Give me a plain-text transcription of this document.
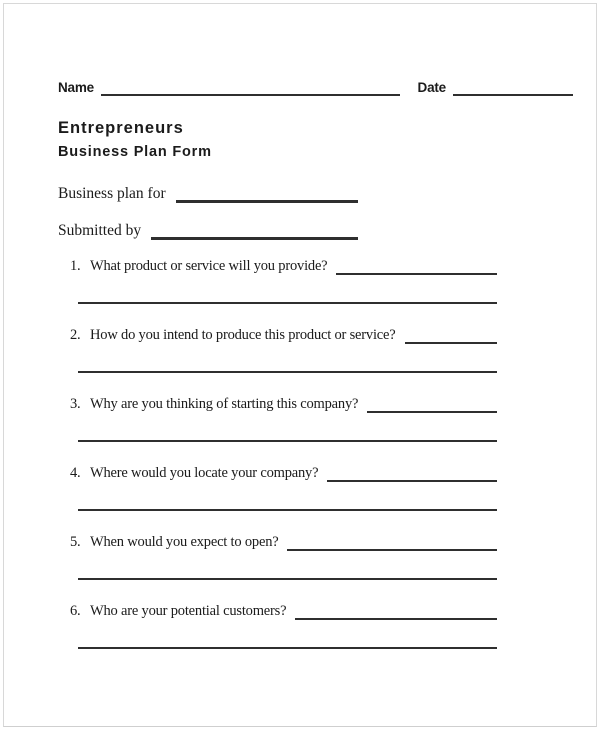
Name	Date
Entrepreneurs
Business Plan Form
Business plan for
Submitted by
1. What product or service will you provide?
2. How do you intend to produce this product or service?
3. Why are you thinking of starting this company?
4. Where would you locate your company?
5. When would you expect to open?
6. Who are your potential customers?
